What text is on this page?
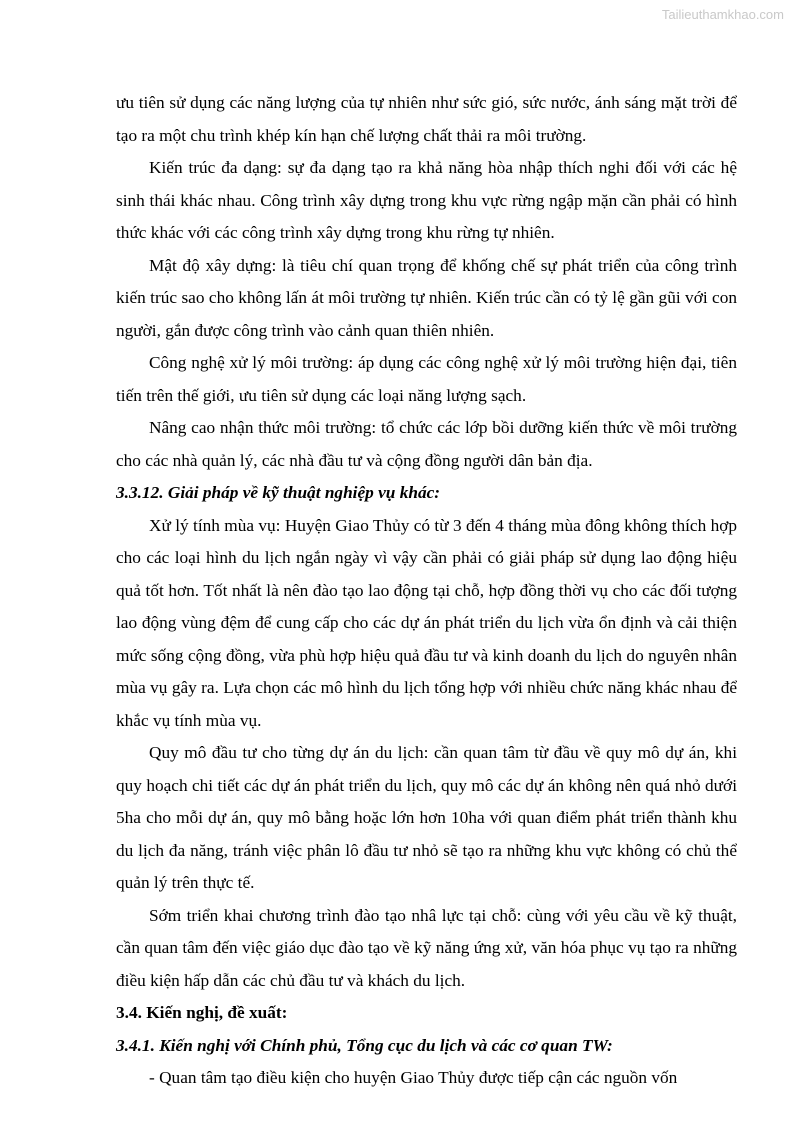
Tailieuthamkhao.com

ưu tiên sử dụng các năng lượng của tự nhiên như sức gió, sức nước, ánh sáng mặt trời để tạo ra một chu trình khép kín hạn chế lượng chất thải ra môi trường.

Kiến trúc đa dạng: sự đa dạng tạo ra khả năng hòa nhập thích nghi đối với các hệ sinh thái khác nhau. Công trình xây dựng trong khu vực rừng ngập mặn cần phải có hình thức khác với các công trình xây dựng trong khu rừng tự nhiên.

Mật độ xây dựng: là tiêu chí quan trọng để khống chế sự phát triển của công trình kiến trúc sao cho không lấn át môi trường tự nhiên. Kiến trúc cần có tỷ lệ gần gũi với con người, gắn được công trình vào cảnh quan thiên nhiên.

Công nghệ xử lý môi trường: áp dụng các công nghệ xử lý môi trường hiện đại, tiên tiến trên thế giới, ưu tiên sử dụng các loại năng lượng sạch.

Nâng cao nhận thức môi trường: tổ chức các lớp bồi dưỡng kiến thức về môi trường cho các nhà quản lý, các nhà đầu tư và cộng đồng người dân bản địa.

3.3.12. Giải pháp về kỹ thuật nghiệp vụ khác:

Xử lý tính mùa vụ: Huyện Giao Thủy có từ 3 đến 4 tháng mùa đông không thích hợp cho các loại hình du lịch ngắn ngày vì vậy cần phải có giải pháp sử dụng lao động hiệu quả tốt hơn. Tốt nhất là nên đào tạo lao động tại chỗ, hợp đồng thời vụ cho các đối tượng lao động vùng đệm để cung cấp cho các dự án phát triển du lịch vừa ổn định và cải thiện mức sống cộng đồng, vừa phù hợp hiệu quả đầu tư và kinh doanh du lịch do nguyên nhân mùa vụ gây ra. Lựa chọn các mô hình du lịch tổng hợp với nhiều chức năng khác nhau để khắc vụ tính mùa vụ.

Quy mô đầu tư cho từng dự án du lịch: cần quan tâm từ đầu về quy mô dự án, khi quy hoạch chi tiết các dự án phát triển du lịch, quy mô các dự án không nên quá nhỏ dưới 5ha cho mỗi dự án, quy mô bằng hoặc lớn hơn 10ha với quan điểm phát triển thành khu du lịch đa năng, tránh việc phân lô đầu tư nhỏ sẽ tạo ra những khu vực không có chủ thể quản lý trên thực tế.

Sớm triển khai chương trình đào tạo nhâ lực tại chỗ: cùng với yêu cầu về kỹ thuật, cần quan tâm đến việc giáo dục đào tạo về kỹ năng ứng xử, văn hóa phục vụ tạo ra những điều kiện hấp dẫn các chủ đầu tư và khách du lịch.

3.4. Kiến nghị, đề xuất:

3.4.1. Kiến nghị với Chính phủ, Tổng cục du lịch và các cơ quan TW:

- Quan tâm tạo điều kiện cho huyện Giao Thủy được tiếp cận các nguồn vốn
